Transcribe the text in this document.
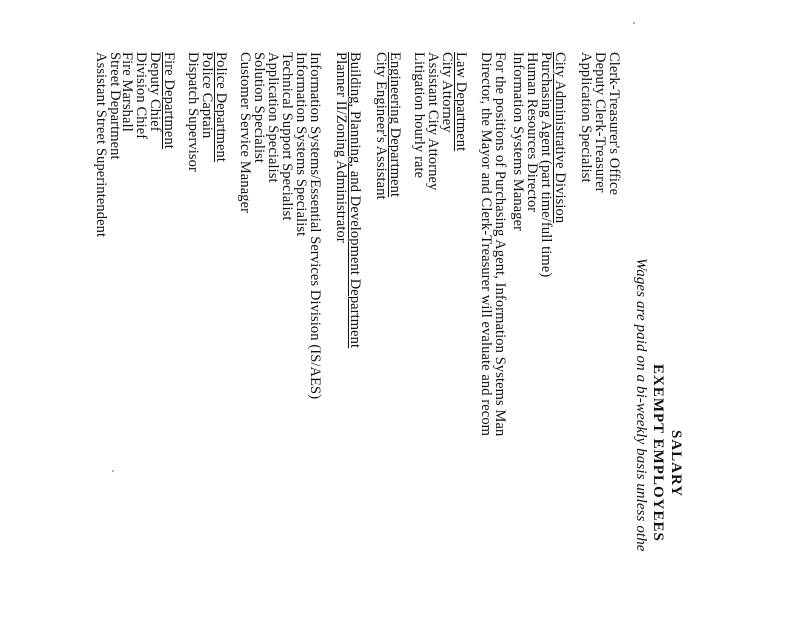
SALARY
EXEMPT EMPLOYEES
Wages are paid on a bi-weekly basis unless othe
Clerk-Treasurer's Office
Deputy Clerk-Treasurer
Application Specialist
City Administrative Division
Purchasing Agent (part time/full time)
Human Resources Director
Information Systems Manager
For the positions of Purchasing Agent, Information Systems Man
Director, the Mayor and Clerk-Treasurer will evaluate and recom
Law Department
City Attorney
Assistant City Attorney
Litigation hourly rate
Engineering Department
City Engineer's Assistant
Building, Planning, and Development Department
Planner II/Zoning Administrator
Information Systems/Essential Services Division (IS/AES)
Information Systems Specialist
Technical Support Specialist
Application Specialist
Solution Specialist
Customer Service Manager
Police Department
Police Captain
Dispatch Supervisor
Fire Department
Deputy Chief
Division Chief
Fire Marshall
Street Department
Assistant Street Superintendent
